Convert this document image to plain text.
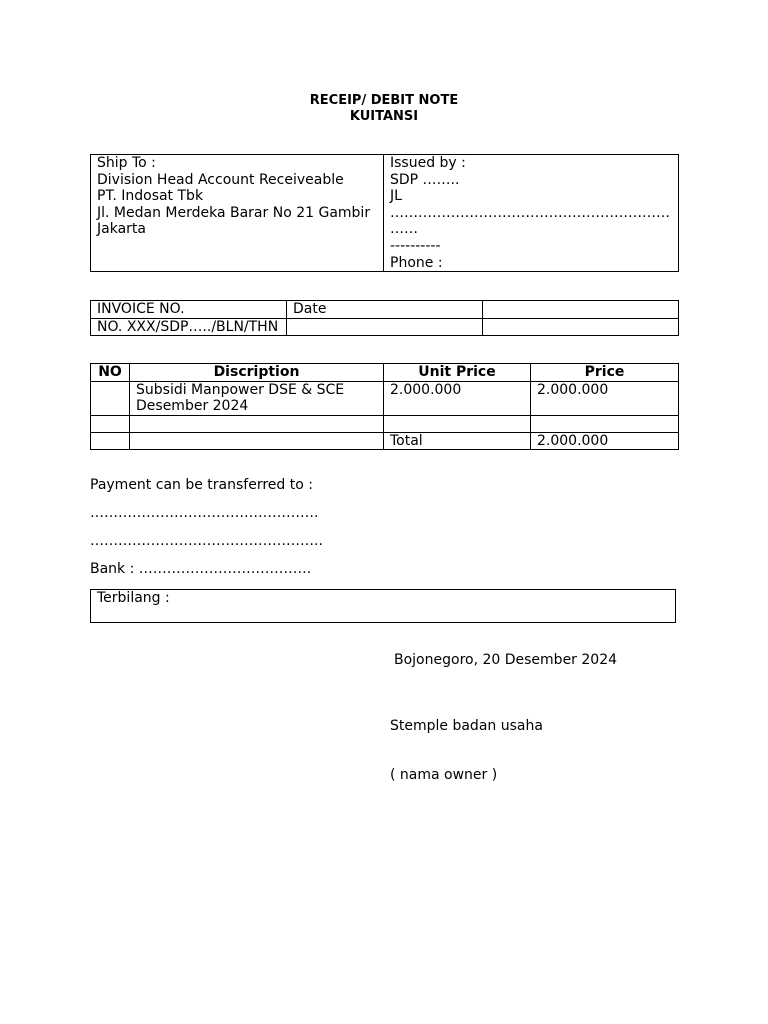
RECEIP/ DEBIT NOTE
KUITANSI
Ship To :
Division Head Account Receiveable
PT. Indosat Tbk
Jl. Medan Merdeka Barar No 21 Gambir
Jakarta

Issued by :
SDP ……..
JL
……………………………………………………
……
----------
Phone :
INVOICE NO.	Date	
NO. XXX/SDP…../BLN/THN		
NO	Discription	Unit Price	Price

	Subsidi Manpower DSE & SCE
Desember 2024	2.000.000	2.000.000

		Total	2.000.000
Payment can be transferred to :
………………………………………….
…………………………………………..
Bank : ……………………………….
Terbilang :
Bojonegoro, 20 Desember 2024
Stemple badan usaha
( nama owner )
